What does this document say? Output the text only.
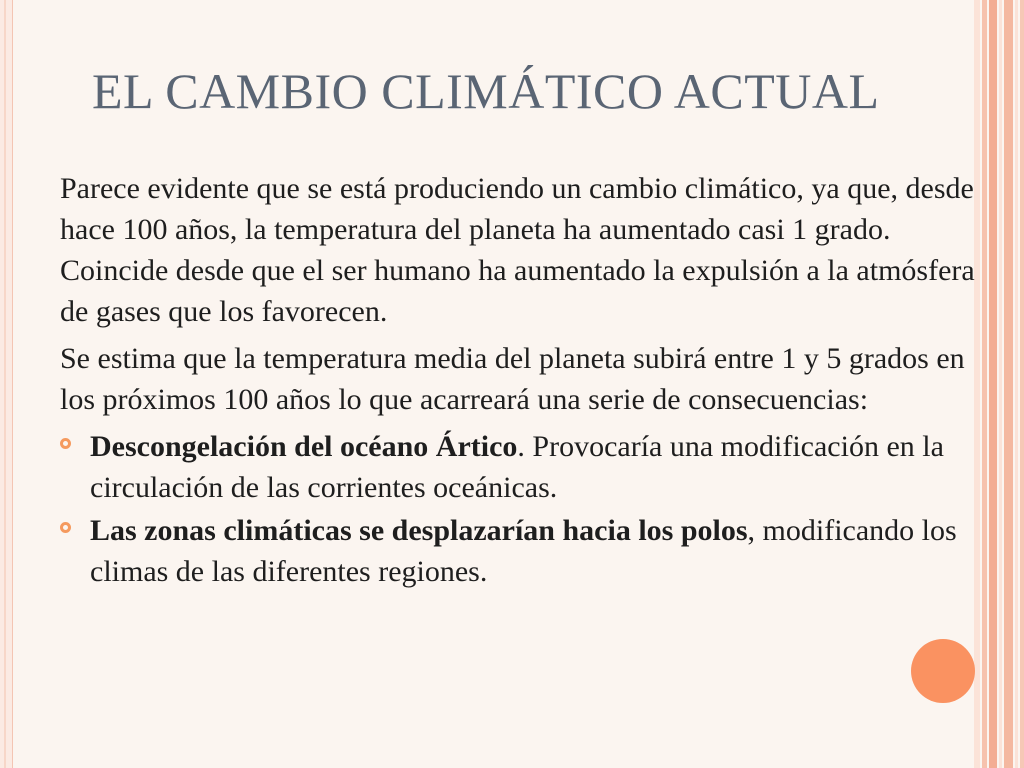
EL CAMBIO CLIMÁTICO ACTUAL

Parece evidente que se está produciendo un cambio climático, ya que, desde hace 100 años, la temperatura del planeta ha aumentado casi 1 grado. Coincide desde que el ser humano ha aumentado la expulsión a la atmósfera de gases que los favorecen.

Se estima que la temperatura media del planeta subirá entre 1 y 5 grados en los próximos 100 años lo que acarreará una serie de consecuencias:

Descongelación del océano Ártico. Provocaría una modificación en la circulación de las corrientes oceánicas.
Las zonas climáticas se desplazarían hacia los polos, modificando los climas de las diferentes regiones.
